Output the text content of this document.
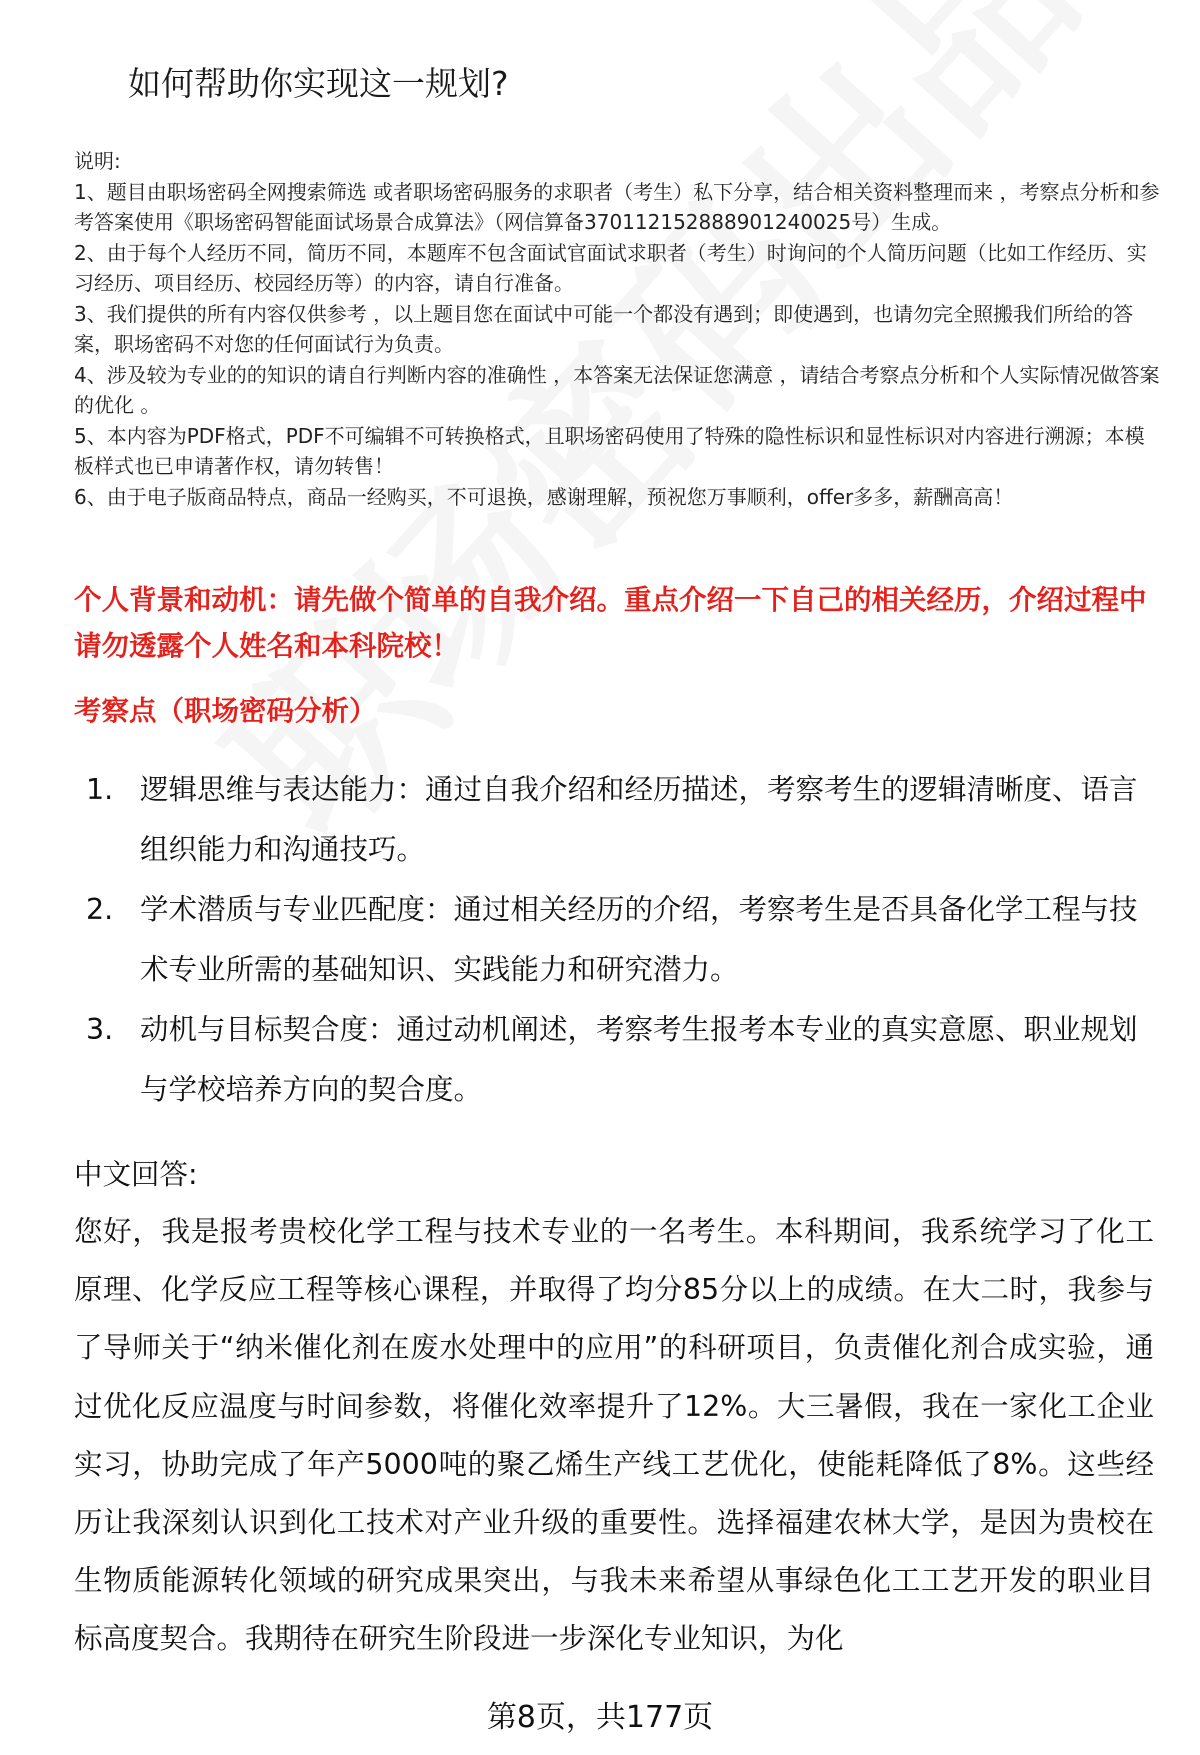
如何帮助你实现这一规划?

说明:

1、题目由职场密码全网搜索筛选 或者职场密码服务的求职者（考生）私下分享，结合相关资料整理而来 ，考察点分析和参考答案使用《职场密码智能面试场景合成算法》（网信算备370112152888901240025号）生成。

2、由于每个人经历不同，简历不同，本题库不包含面试官面试求职者（考生）时询问的个人简历问题（比如工作经历、实习经历、项目经历、校园经历等）的内容，请自行准备。

3、我们提供的所有内容仅供参考 ，以上题目您在面试中可能一个都没有遇到；即使遇到，也请勿完全照搬我们所给的答案，职场密码不对您的任何面试行为负责。

4、涉及较为专业的的知识的请自行判断内容的准确性 ，本答案无法保证您满意 ，请结合考察点分析和个人实际情况做答案的优化 。

5、本内容为PDF格式，PDF不可编辑不可转换格式，且职场密码使用了特殊的隐性标识和显性标识对内容进行溯源；本模板样式也已申请著作权，请勿转售！

6、由于电子版商品特点，商品一经购买，不可退换，感谢理解，预祝您万事顺利，offer多多，薪酬高高！

个人背景和动机：请先做个简单的自我介绍。重点介绍一下自己的相关经历，介绍过程中请勿透露个人姓名和本科院校！
考察点（职场密码分析）
1. 逻辑思维与表达能力：通过自我介绍和经历描述，考察考生的逻辑清晰度、语言组织能力和沟通技巧。
2. 学术潜质与专业匹配度：通过相关经历的介绍，考察考生是否具备化学工程与技术专业所需的基础知识、实践能力和研究潜力。
3. 动机与目标契合度：通过动机阐述，考察考生报考本专业的真实意愿、职业规划与学校培养方向的契合度。
中文回答:

您好，我是报考贵校化学工程与技术专业的一名考生。本科期间，我系统学习了化工原理、化学反应工程等核心课程，并取得了均分85分以上的成绩。在大二时，我参与了导师关于“纳米催化剂在废水处理中的应用”的科研项目，负责催化剂合成实验，通过优化反应温度与时间参数，将催化效率提升了12%。大三暑假，我在一家化工企业实习，协助完成了年产5000吨的聚乙烯生产线工艺优化，使能耗降低了8%。这些经历让我深刻认识到化工技术对产业升级的重要性。选择福建农林大学，是因为贵校在生物质能源转化领域的研究成果突出，与我未来希望从事绿色化工工艺开发的职业目标高度契合。我期待在研究生阶段进一步深化专业知识，为化

第8页，共177页
